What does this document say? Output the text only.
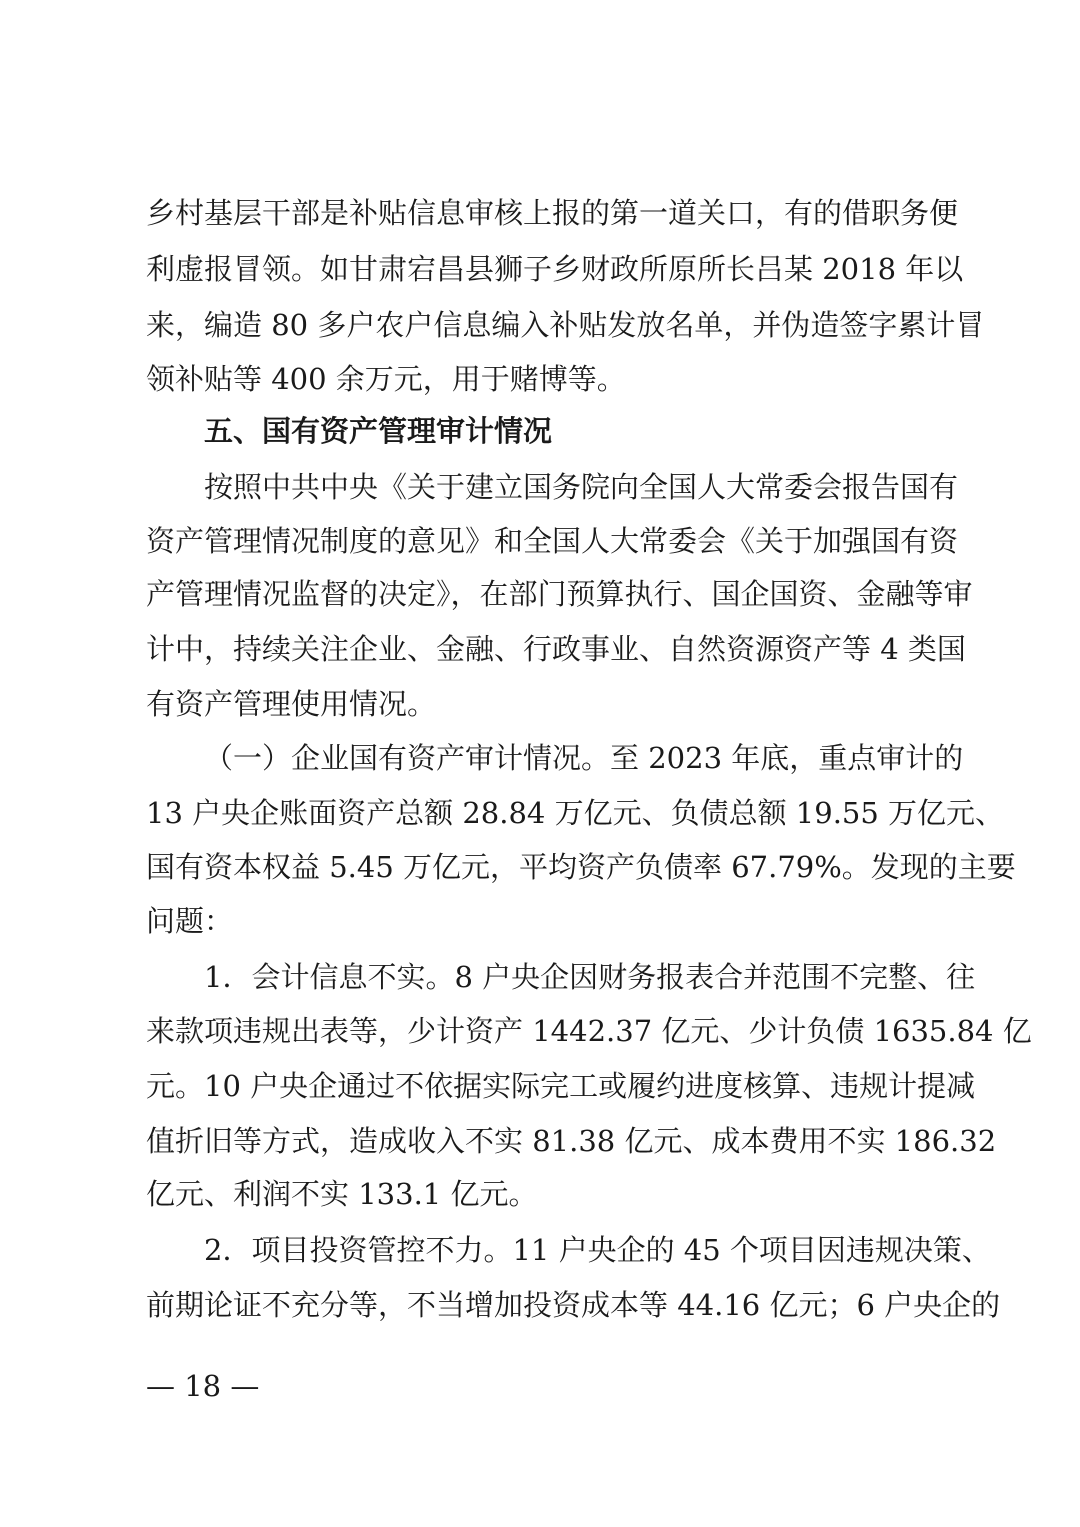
乡村基层干部是补贴信息审核上报的第一道关口，有的借职务便
利虚报冒领。如甘肃宕昌县狮子乡财政所原所长吕某 2018 年以
来，编造 80 多户农户信息编入补贴发放名单，并伪造签字累计冒
领补贴等 400 余万元，用于赌博等。
五、国有资产管理审计情况
按照中共中央《关于建立国务院向全国人大常委会报告国有
资产管理情况制度的意见》和全国人大常委会《关于加强国有资
产管理情况监督的决定》，在部门预算执行、国企国资、金融等审
计中，持续关注企业、金融、行政事业、自然资源资产等 4 类国
有资产管理使用情况。
（一）企业国有资产审计情况。至 2023 年底，重点审计的
13 户央企账面资产总额 28.84 万亿元、负债总额 19.55 万亿元、
国有资本权益 5.45 万亿元，平均资产负债率 67.79%。发现的主要
问题：
1．会计信息不实。8 户央企因财务报表合并范围不完整、往
来款项违规出表等，少计资产 1442.37 亿元、少计负债 1635.84 亿
元。10 户央企通过不依据实际完工或履约进度核算、违规计提减
值折旧等方式，造成收入不实 81.38 亿元、成本费用不实 186.32
亿元、利润不实 133.1 亿元。
2．项目投资管控不力。11 户央企的 45 个项目因违规决策、
前期论证不充分等，不当增加投资成本等 44.16 亿元；6 户央企的
— 18 —
